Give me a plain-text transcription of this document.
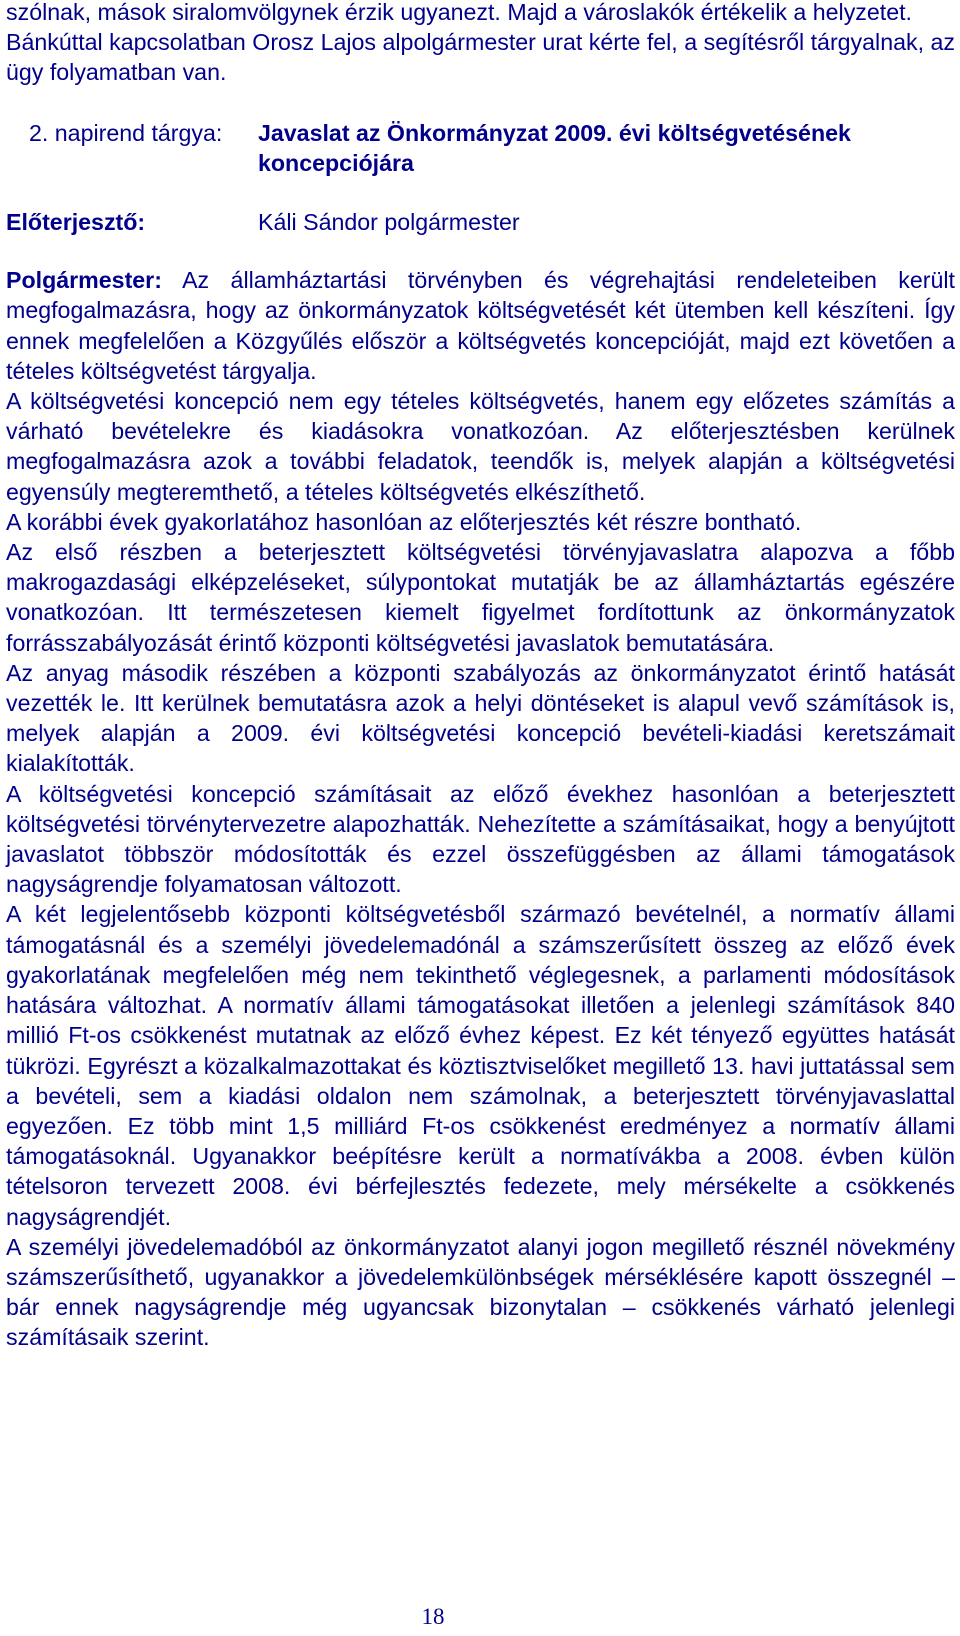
szólnak, mások siralomvölgynek érzik ugyanezt. Majd a városlakók értékelik a helyzetet.

Bánkúttal kapcsolatban Orosz Lajos alpolgármester urat kérte fel, a segítésről tárgyalnak, az ügy folyamatban van.

2. napirend tárgya:	Javaslat az Önkormányzat 2009. évi költségvetésének koncepciójára
Előterjesztő:	Káli Sándor polgármester

Polgármester: Az államháztartási törvényben és végrehajtási rendeleteiben került megfogalmazásra, hogy az önkormányzatok költségvetését két ütemben kell készíteni. Így ennek megfelelően a Közgyűlés először a költségvetés koncepcióját, majd ezt követően a tételes költségvetést tárgyalja.

A költségvetési koncepció nem egy tételes költségvetés, hanem egy előzetes számítás a várható bevételekre és kiadásokra vonatkozóan. Az előterjesztésben kerülnek megfogalmazásra azok a további feladatok, teendők is, melyek alapján a költségvetési egyensúly megteremthető, a tételes költségvetés elkészíthető.

A korábbi évek gyakorlatához hasonlóan az előterjesztés két részre bontható.

Az első részben a beterjesztett költségvetési törvényjavaslatra alapozva a főbb makrogazdasági elképzeléseket, súlypontokat mutatják be az államháztartás egészére vonatkozóan. Itt természetesen kiemelt figyelmet fordítottunk az önkormányzatok forrásszabályozását érintő központi költségvetési javaslatok bemutatására.

Az anyag második részében a központi szabályozás az önkormányzatot érintő hatását vezették le. Itt kerülnek bemutatásra azok a helyi döntéseket is alapul vevő számítások is, melyek alapján a 2009. évi költségvetési koncepció bevételi-kiadási keretszámait kialakították.

A költségvetési koncepció számításait az előző évekhez hasonlóan a beterjesztett költségvetési törvénytervezetre alapozhatták. Nehezítette a számításaikat, hogy a benyújtott javaslatot többször módosították és ezzel összefüggésben az állami támogatások nagyságrendje folyamatosan változott.

A két legjelentősebb központi költségvetésből származó bevételnél, a normatív állami támogatásnál és a személyi jövedelemadónál a számszerűsített összeg az előző évek gyakorlatának megfelelően még nem tekinthető véglegesnek, a parlamenti módosítások hatására változhat. A normatív állami támogatásokat illetően a jelenlegi számítások 840 millió Ft-os csökkenést mutatnak az előző évhez képest. Ez két tényező együttes hatását tükrözi. Egyrészt a közalkalmazottakat és köztisztviselőket megillető 13. havi juttatással sem a bevételi, sem a kiadási oldalon nem számolnak, a beterjesztett törvényjavaslattal egyezően. Ez több mint 1,5 milliárd Ft-os csökkenést eredményez a normatív állami támogatásoknál. Ugyanakkor beépítésre került a normatívákba a 2008. évben külön tételsoron tervezett 2008. évi bérfejlesztés fedezete, mely mérsékelte a csökkenés nagyságrendjét.

A személyi jövedelemadóból az önkormányzatot alanyi jogon megillető résznél növekmény számszerűsíthető, ugyanakkor a jövedelemkülönbségek mérséklésére kapott összegnél – bár ennek nagyságrendje még ugyancsak bizonytalan – csökkenés várható jelenlegi számításaik szerint.

18
